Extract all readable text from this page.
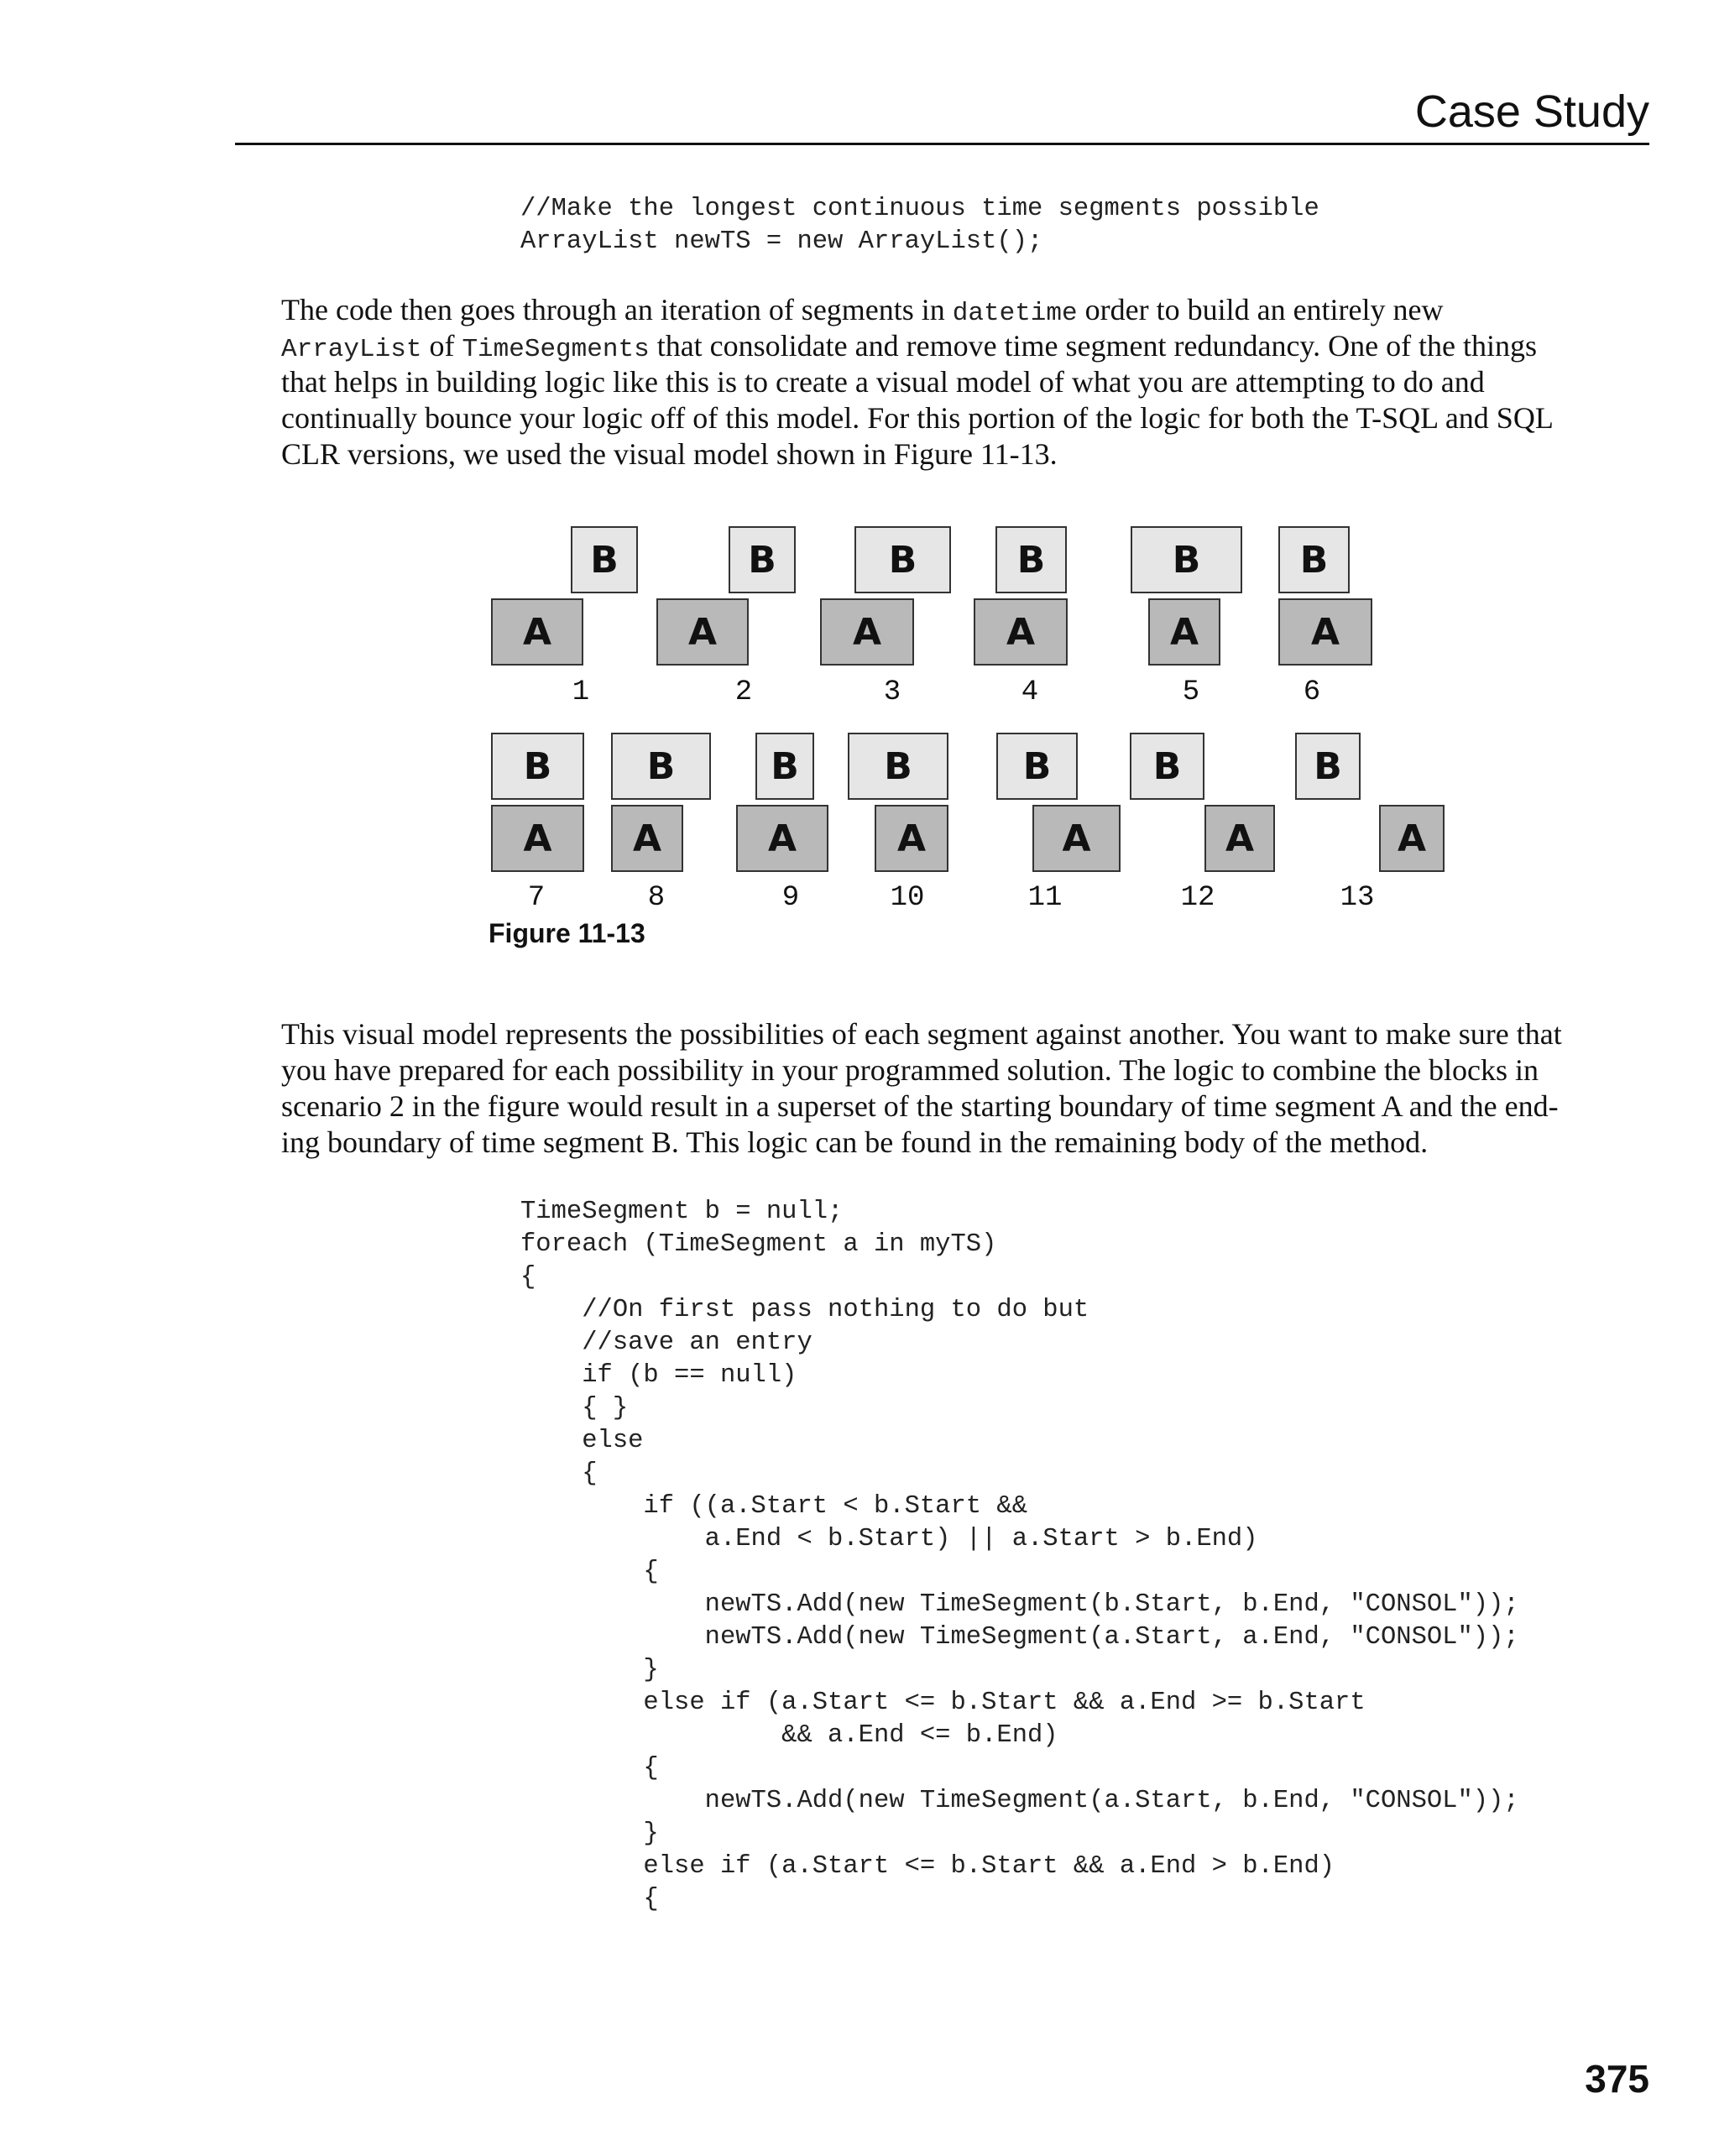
Case Study
//Make the longest continuous time segments possible
ArrayList newTS = new ArrayList();
The code then goes through an iteration of segments in datetime order to build an entirely new
ArrayList of TimeSegments that consolidate and remove time segment redundancy. One of the things
that helps in building logic like this is to create a visual model of what you are attempting to do and
continually bounce your logic off of this model. For this portion of the logic for both the T-SQL and SQL
CLR versions, we used the visual model shown in Figure 11-13.
B
A
B
A
B
A
B
A
B
A
B
A
B
A
B
A
B
A
B
A
B
A
B
A
B
A
1	2	3	4	5	6
7	8	9	10	11	12	13
Figure 11-13
This visual model represents the possibilities of each segment against another. You want to make sure that
you have prepared for each possibility in your programmed solution. The logic to combine the blocks in
scenario 2 in the figure would result in a superset of the starting boundary of time segment A and the end-
ing boundary of time segment B. This logic can be found in the remaining body of the method.
TimeSegment b = null;
foreach (TimeSegment a in myTS)
{
//On first pass nothing to do but
//save an entry
if (b == null)
{ }
else
{
if ((a.Start < b.Start &&
a.End < b.Start) || a.Start > b.End)
{
newTS.Add(new TimeSegment(b.Start, b.End, "CONSOL"));
newTS.Add(new TimeSegment(a.Start, a.End, "CONSOL"));
}
else if (a.Start <= b.Start && a.End >= b.Start
&& a.End <= b.End)
{
newTS.Add(new TimeSegment(a.Start, b.End, "CONSOL"));
}
else if (a.Start <= b.Start && a.End > b.End)
{
375
